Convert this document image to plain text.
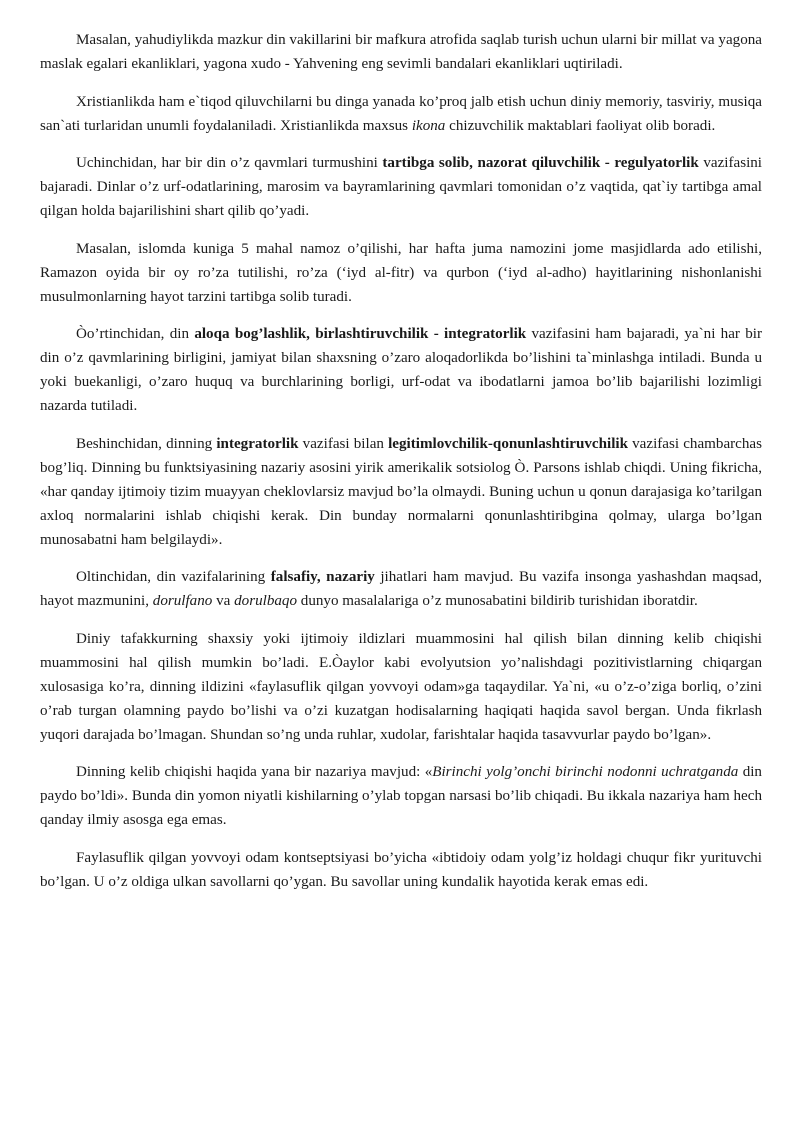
Masalan, yahudiylikda mazkur din vakillarini bir mafkura atrofida saqlab turish uchun ularni bir millat va yagona maslak egalari ekanliklari, yagona xudo - Yahvening eng sevimli bandalari ekanliklari uqtiriladi.

Xristianlikda ham e`tiqod qiluvchilarni bu dinga yanada ko’proq jalb etish uchun diniy memoriy, tasviriy, musiqa san`ati turlaridan unumli foydalaniladi. Xristianlikda maxsus ikona chizuvchilik maktablari faoliyat olib boradi.

Uchinchidan, har bir din o’z qavmlari turmushini tartibga solib, nazorat qiluvchilik - regulyatorlik vazifasini bajaradi. Dinlar o’z urf-odatlarining, marosim va bayramlarining qavmlari tomonidan o’z vaqtida, qat`iy tartibga amal qilgan holda bajarilishini shart qilib qo’yadi.

Masalan, islomda kuniga 5 mahal namoz o’qilishi, har hafta juma namozini jome masjidlarda ado etilishi, Ramazon oyida bir oy ro’za tutilishi, ro’za (‘iyd al-fitr) va qurbon (‘iyd al-adho) hayitlarining nishonlanishi musulmonlarning hayot tarzini tartibga solib turadi.

Òo’rtinchidan, din aloqa bog’lashlik, birlashtiruvchilik - integratorlik vazifasini ham bajaradi, ya`ni har bir din o’z qavmlarining birligini, jamiyat bilan shaxsning o’zaro aloqadorlikda bo’lishini ta`minlashga intiladi. Bunda u yoki buekanligi, o’zaro huquq va burchlarining borligi, urf-odat va ibodatlarni jamoa bo’lib bajarilishi lozimligi nazarda tutiladi.

Beshinchidan, dinning integratorlik vazifasi bilan legitimlovchilik-qonunlashtiruvchilik vazifasi chambarchas bog’liq. Dinning bu funktsiyasining nazariy asosini yirik amerikalik sotsiolog Ò. Parsons ishlab chiqdi. Uning fikricha, «har qanday ijtimoiy tizim muayyan cheklovlarsiz mavjud bo’la olmaydi. Buning uchun u qonun darajasiga ko’tarilgan axloq normalarini ishlab chiqishi kerak. Din bunday normalarni qonunlashtiribgina qolmay, ularga bo’lgan munosabatni ham belgilaydi».

Oltinchidan, din vazifalarining falsafiy, nazariy jihatlari ham mavjud. Bu vazifa insonga yashashdan maqsad, hayot mazmunini, dorulfano va dorulbaqo dunyo masalalariga o’z munosabatini bildirib turishidan iboratdir.

Diniy tafakkurning shaxsiy yoki ijtimoiy ildizlari muammosini hal qilish bilan dinning kelib chiqishi muammosini hal qilish mumkin bo’ladi. E.Òaylor kabi evolyutsion yo’nalishdagi pozitivistlarning chiqargan xulosasiga ko’ra, dinning ildizini «faylasuflik qilgan yovvoyi odam»ga taqaydilar. Ya`ni, «u o’z-o’ziga borliq, o’zini o’rab turgan olamning paydo bo’lishi va o’zi kuzatgan hodisalarning haqiqati haqida savol bergan. Unda fikrlash yuqori darajada bo’lmagan. Shundan so’ng unda ruhlar, xudolar, farishtalar haqida tasavvurlar paydo bo’lgan».

Dinning kelib chiqishi haqida yana bir nazariya mavjud: «Birinchi yolg’onchi birinchi nodonni uchratganda din paydo bo’ldi». Bunda din yomon niyatli kishilarning o’ylab topgan narsasi bo’lib chiqadi. Bu ikkala nazariya ham hech qanday ilmiy asosga ega emas.

Faylasuflik qilgan yovvoyi odam kontseptsiyasi bo’yicha «ibtidoiy odam yolg’iz holdagi chuqur fikr yurituvchi bo’lgan. U o’z oldiga ulkan savollarni qo’ygan. Bu savollar uning kundalik hayotida kerak emas edi.
